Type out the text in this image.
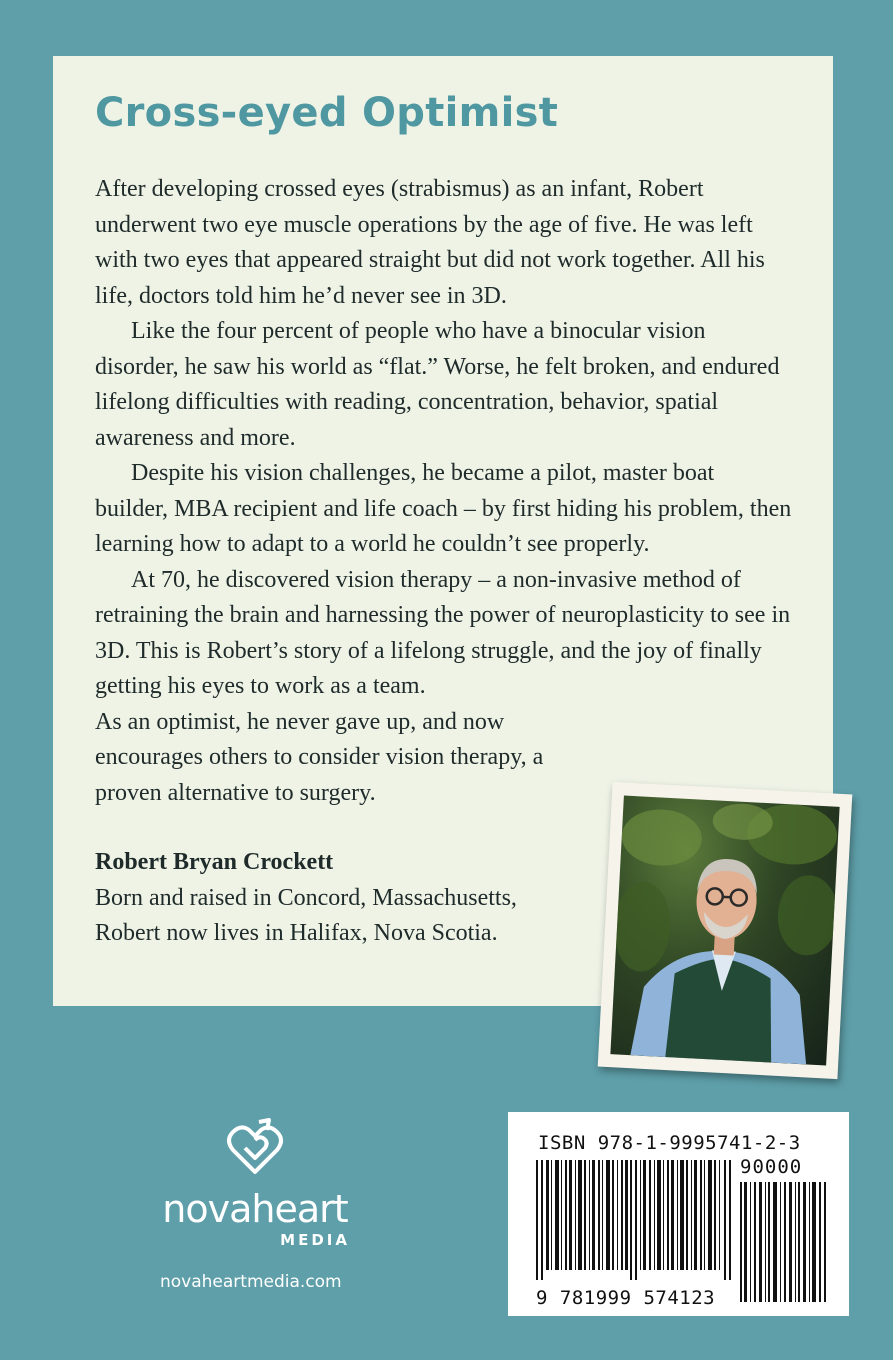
Cross-eyed Optimist

After developing crossed eyes (strabismus) as an infant, Robert underwent two eye muscle operations by the age of five. He was left with two eyes that appeared straight but did not work together. All his life, doctors told him he’d never see in 3D.

Like the four percent of people who have a binocular vision disorder, he saw his world as “flat.” Worse, he felt broken, and endured lifelong difficulties with reading, concentration, behavior, spatial awareness and more.

Despite his vision challenges, he became a pilot, master boat builder, MBA recipient and life coach – by first hiding his problem, then learning how to adapt to a world he couldn’t see properly.

At 70, he discovered vision therapy – a non-invasive method of retraining the brain and harnessing the power of neuroplasticity to see in 3D. This is Robert’s story of a lifelong struggle, and the joy of finally getting his eyes to work as a team.

As an optimist, he never gave up, and now encourages others to consider vision therapy, a proven alternative to surgery.

Robert Bryan Crockett
Born and raised in Concord, Massachusetts, Robert now lives in Halifax, Nova Scotia.
novaheart
MEDIA
novaheartmedia.com
ISBN 978-1-9995741-2-3
90000
9 781999 574123
